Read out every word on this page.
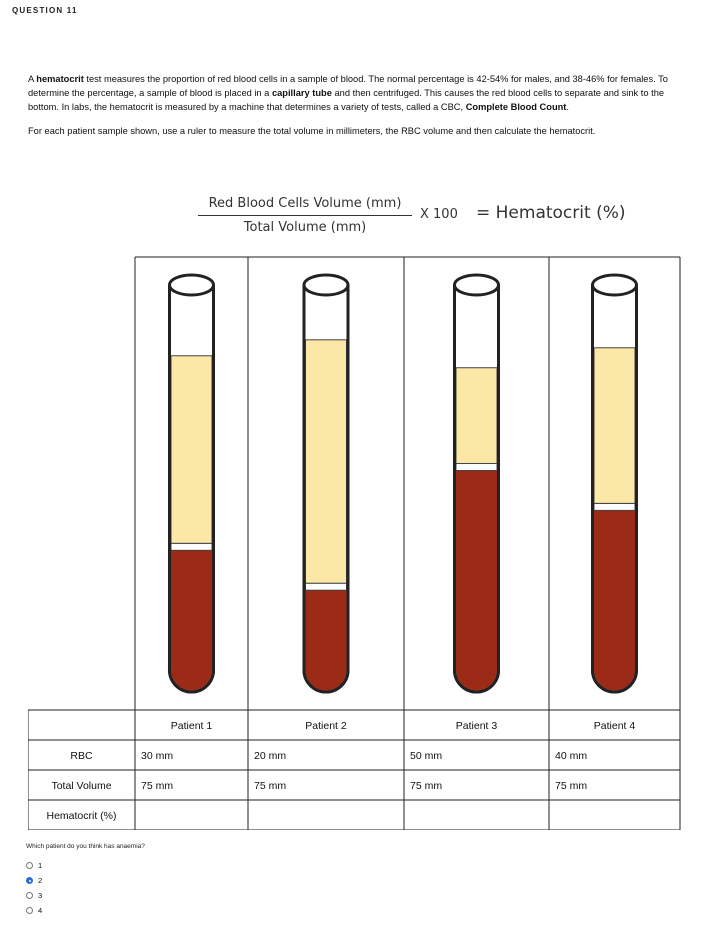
QUESTION 11

A hematocrit test measures the proportion of red blood cells in a sample of blood. The normal percentage is 42-54% for males, and 38-46% for females. To determine the percentage, a sample of blood is placed in a capillary tube and then centrifuged. This causes the red blood cells to separate and sink to the bottom. In labs, the hematocrit is measured by a machine that determines a variety of tests, called a CBC, Complete Blood Count.

For each patient sample shown, use a ruler to measure the total volume in millimeters, the RBC volume and then calculate the hematocrit.

Red Blood Cells Volume (mm)
Total Volume (mm)
X 100 = Hematocrit (%)
Patient 1	Patient 2	Patient 3	Patient 4
RBC	30 mm	20 mm	50 mm	40 mm
Total Volume	75 mm	75 mm	75 mm	75 mm
Hematocrit (%)
Which patient do you think has anaemia?
1
2
3
4
